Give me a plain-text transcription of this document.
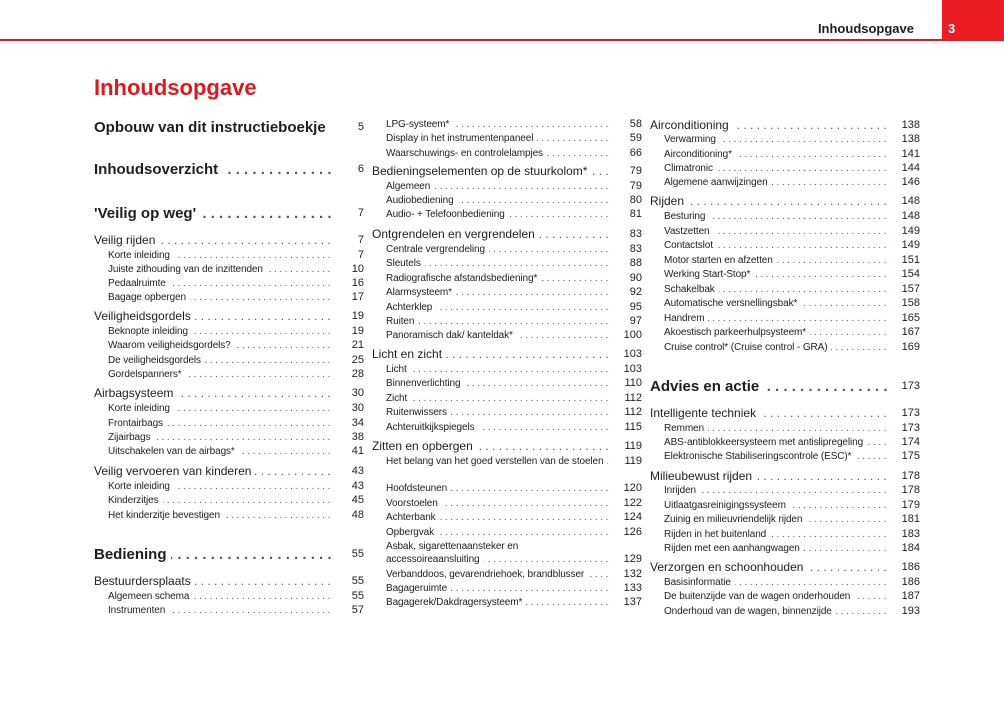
Inhoudsopgave	3
Inhoudsopgave
Opbouw van dit instructieboekje	5
Inhoudsoverzicht	6
. . .
'Veilig op weg'	7
. . .
Veilig rijden	7
. . .
Korte inleiding	7
. . .
Juiste zithouding van de inzittenden	10
. . .
Pedaalruimte	16
. . .
Bagage opbergen	17
. . .
Veiligheidsgordels	19
. . .
Beknopte inleiding	19
. . .
Waarom veiligheidsgordels?	21
. . .
De veiligheidsgordels	25
. . .
Gordelspanners*	28
. . .
Airbagsysteem	30
. . .
Korte inleiding	30
. . .
Frontairbags	34
. . .
Zijairbags	38
. . .
Uitschakelen van de airbags*	41
. . .
Veilig vervoeren van kinderen	43
. . .
Korte inleiding	43
. . .
Kinderzitjes	45
. . .
Het kinderzitje bevestigen	48
. . .
Bediening	55
. . .
Bestuurdersplaats	55
. . .
Algemeen schema	55
. . .
Instrumenten	57
. . .
LPG-systeem*	58
. . .
Display in het instrumentenpaneel	59
. . .
Waarschuwings- en controlelampjes	66
. . .
Bedieningselementen op de stuurkolom*	79
. . .
Algemeen	79
. . .
Audiobediening	80
. . .
Audio- + Telefoonbediening	81
. . .
Ontgrendelen en vergrendelen	83
. . .
Centrale vergrendeling	83
. . .
Sleutels	88
. . .
Radiografische afstandsbediening*	90
. . .
Alarmsysteem*	92
. . .
Achterklep	95
. . .
Ruiten	97
. . .
Panoramisch dak/ kanteldak*	100
. . .
Licht en zicht	103
. . .
Licht	103
. . .
Binnenverlichting	110
. . .
Zicht	112
. . .
Ruitenwissers	112
. . .
Achteruitkijkspiegels	115
. . .
Zitten en opbergen	119
. . .
Het belang van het goed verstellen van de stoelen 119
. . .
Hoofdsteunen	120
. . .
Voorstoelen	122
. . .
Achterbank	124
. . .
Opbergvak	126
. . .
Asbak, sigarettenaansteker en accessoireaansluiting	129
. . .
Verbanddoos, gevarendriehoek, brandblusser	132
. . .
Bagageruimte	133
. . .
Bagagerek/Dakdragersysteem*	137
. . .
Airconditioning	138
. . .
Verwarming	138
. . .
Airconditioning*	141
. . .
Climatronic	144
. . .
Algemene aanwijzingen	146
. . .
Rijden	148
. . .
Besturing	148
. . .
Vastzetten	149
. . .
Contactslot	149
. . .
Motor starten en afzetten	151
. . .
Werking Start-Stop*	154
. . .
Schakelbak	157
. . .
Automatische versnellingsbak*	158
. . .
Handrem	165
. . .
Akoestisch parkeerhulpsysteem*	167
. . .
Cruise control* (Cruise control - GRA)	169
. . .
Advies en actie	173
. . .
Intelligente techniek	173
. . .
Remmen	173
. . .
ABS-antiblokkeersysteem met antislipregeling	174
. . .
Elektronische Stabiliseringscontrole (ESC)*	175
. . .
Milieubewust rijden	178
. . .
Inrijden	178
. . .
Uitlaatgasreinigingssysteem	179
. . .
Zuinig en milieuvriendelijk rijden	181
. . .
Rijden in het buitenland	183
. . .
Rijden met een aanhangwagen	184
. . .
Verzorgen en schoonhouden	186
. . .
Basisinformatie	186
. . .
De buitenzijde van de wagen onderhouden	187
. . .
Onderhoud van de wagen, binnenzijde	193
. . .
